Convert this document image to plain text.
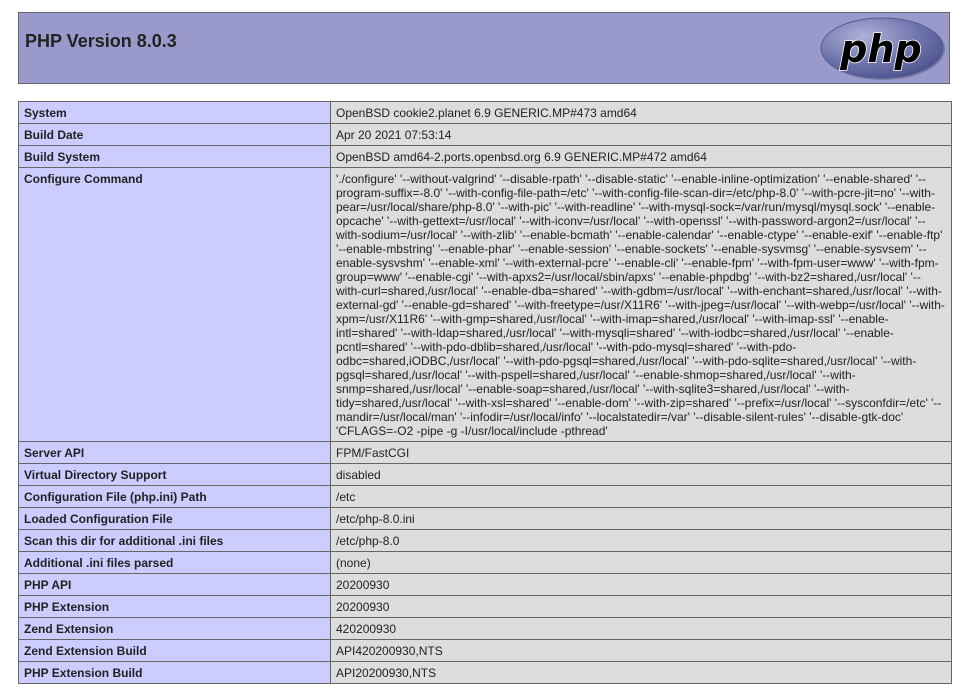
PHP Version 8.0.3	php
System	OpenBSD cookie2.planet 6.9 GENERIC.MP#473 amd64
Build Date	Apr 20 2021 07:53:14
Build System	OpenBSD amd64-2.ports.openbsd.org 6.9 GENERIC.MP#472 amd64
Configure Command	'./configure' '--without-valgrind' '--disable-rpath' '--disable-static' '--enable-inline-optimization' '--enable-shared' '--program-suffix=-8.0' '--with-config-file-path=/etc' '--with-config-file-scan-dir=/etc/php-8.0' '--with-pcre-jit=no' '--with-pear=/usr/local/share/php-8.0' '--with-pic' '--with-readline' '--with-mysql-sock=/var/run/mysql/mysql.sock' '--enable-opcache' '--with-gettext=/usr/local' '--with-iconv=/usr/local' '--with-openssl' '--with-password-argon2=/usr/local' '--with-sodium=/usr/local' '--with-zlib' '--enable-bcmath' '--enable-calendar' '--enable-ctype' '--enable-exif' '--enable-ftp' '--enable-mbstring' '--enable-phar' '--enable-session' '--enable-sockets' '--enable-sysvmsg' '--enable-sysvsem' '--enable-sysvshm' '--enable-xml' '--with-external-pcre' '--enable-cli' '--enable-fpm' '--with-fpm-user=www' '--with-fpm-group=www' '--enable-cgi' '--with-apxs2=/usr/local/sbin/apxs' '--enable-phpdbg' '--with-bz2=shared,/usr/local' '--with-curl=shared,/usr/local' '--enable-dba=shared' '--with-gdbm=/usr/local' '--with-enchant=shared,/usr/local' '--with-external-gd' '--enable-gd=shared' '--with-freetype=/usr/X11R6' '--with-jpeg=/usr/local' '--with-webp=/usr/local' '--with-xpm=/usr/X11R6' '--with-gmp=shared,/usr/local' '--with-imap=shared,/usr/local' '--with-imap-ssl' '--enable-intl=shared' '--with-ldap=shared,/usr/local' '--with-mysqli=shared' '--with-iodbc=shared,/usr/local' '--enable-pcntl=shared' '--with-pdo-dblib=shared,/usr/local' '--with-pdo-mysql=shared' '--with-pdo-odbc=shared,iODBC,/usr/local' '--with-pdo-pgsql=shared,/usr/local' '--with-pdo-sqlite=shared,/usr/local' '--with-pgsql=shared,/usr/local' '--with-pspell=shared,/usr/local' '--enable-shmop=shared,/usr/local' '--with-snmp=shared,/usr/local' '--enable-soap=shared,/usr/local' '--with-sqlite3=shared,/usr/local' '--with-tidy=shared,/usr/local' '--with-xsl=shared' '--enable-dom' '--with-zip=shared' '--prefix=/usr/local' '--sysconfdir=/etc' '--mandir=/usr/local/man' '--infodir=/usr/local/info' '--localstatedir=/var' '--disable-silent-rules' '--disable-gtk-doc' 'CFLAGS=-O2 -pipe -g -I/usr/local/include -pthread'
Server API	FPM/FastCGI
Virtual Directory Support	disabled
Configuration File (php.ini) Path	/etc
Loaded Configuration File	/etc/php-8.0.ini
Scan this dir for additional .ini files	/etc/php-8.0
Additional .ini files parsed	(none)
PHP API	20200930
PHP Extension	20200930
Zend Extension	420200930
Zend Extension Build	API420200930,NTS
PHP Extension Build	API20200930,NTS
